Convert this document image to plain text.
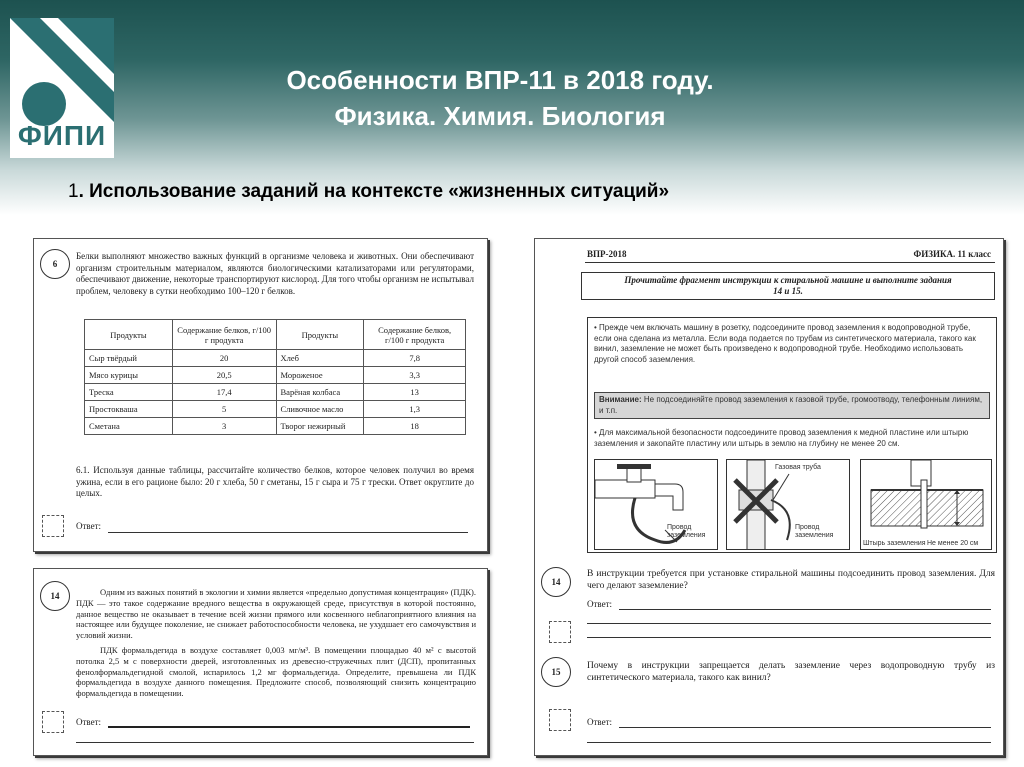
ФИПИ
Особенности ВПР-11 в 2018 году.
Физика. Химия. Биология
1. Использование заданий на контексте «жизненных ситуаций»
6
Белки выполняют множество важных функций в организме человека и животных. Они обеспечивают организм строительным материалом, являются биологическими катализаторами или регуляторами, обеспечивают движение, некоторые транспортируют кислород. Для того чтобы организм не испытывал проблем, человеку в сутки необходимо 100–120 г белков.
Продукты	Содержание белков, г/100 г продукта	Продукты	Содержание белков, г/100 г продукта
Сыр твёрдый	20	Хлеб	7,8
Мясо курицы	20,5	Мороженое	3,3
Треска	17,4	Варёная колбаса	13
Простокваша	5	Сливочное масло	1,3
Сметана	3	Творог нежирный	18
6.1. Используя данные таблицы, рассчитайте количество белков, которое человек получил во время ужина, если в его рационе было: 20 г хлеба, 50 г сметаны, 15 г сыра и 75 г трески. Ответ округлите до целых.
Ответ:
14	Одним из важных понятий в экологии и химии является «предельно допустимая концентрация» (ПДК). ПДК — это такое содержание вредного вещества в окружающей среде, присутствуя в которой постоянно, данное вещество не оказывает в течение всей жизни прямого или косвенного неблагоприятного влияния на настоящее или будущее поколение, не снижает работоспособности человека, не ухудшает его самочувствия и условий жизни.
ПДК формальдегида в воздухе составляет 0,003 мг/м³. В помещении площадью 40 м² с высотой потолка 2,5 м с поверхности дверей, изготовленных из древесно-стружечных плит (ДСП), пропитанных фенолформальдегидной смолой, испарилось 1,2 мг формальдегида. Определите, превышена ли ПДК формальдегида в воздухе данного помещения. Предложите способ, позволяющий снизить концентрацию формальдегида в помещении.
Ответ:
ВПР-2018	ФИЗИКА. 11 класс
Прочитайте фрагмент инструкции к стиральной машине и выполните задания 14 и 15.
• Прежде чем включать машину в розетку, подсоедините провод заземления к водопроводной трубе, если она сделана из металла. Если вода подается по трубам из синтетического материала, такого как винил, заземление не может быть произведено к водопроводной трубе. Необходимо использовать другой способ заземления.
Внимание: Не подсоединяйте провод заземления к газовой трубе, громоотводу, телефонным линиям, и т.п.
• Для максимальной безопасности подсоедините провод заземления к медной пластине или штырю заземления и закопайте пластину или штырь в землю на глубину не менее 20 см.
Провод заземления
Газовая труба
Провод заземления
Штырь заземления Не менее 20 см
14
В инструкции требуется при установке стиральной машины подсоединить провод заземления. Для чего делают заземление?
Ответ:
15
Почему в инструкции запрещается делать заземление через водопроводную трубу из синтетического материала, такого как винил?
Ответ:
